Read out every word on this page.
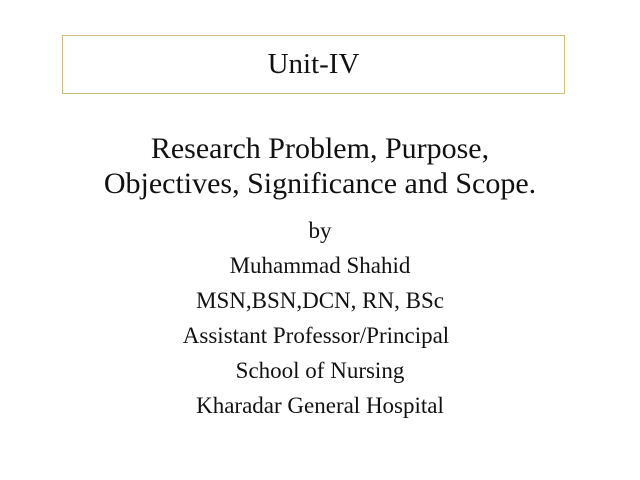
Unit-IV
Research Problem, Purpose,
Objectives, Significance and Scope.
by
Muhammad Shahid
MSN,BSN,DCN, RN, BSc
Assistant Professor/Principal
School of Nursing
Kharadar General Hospital
